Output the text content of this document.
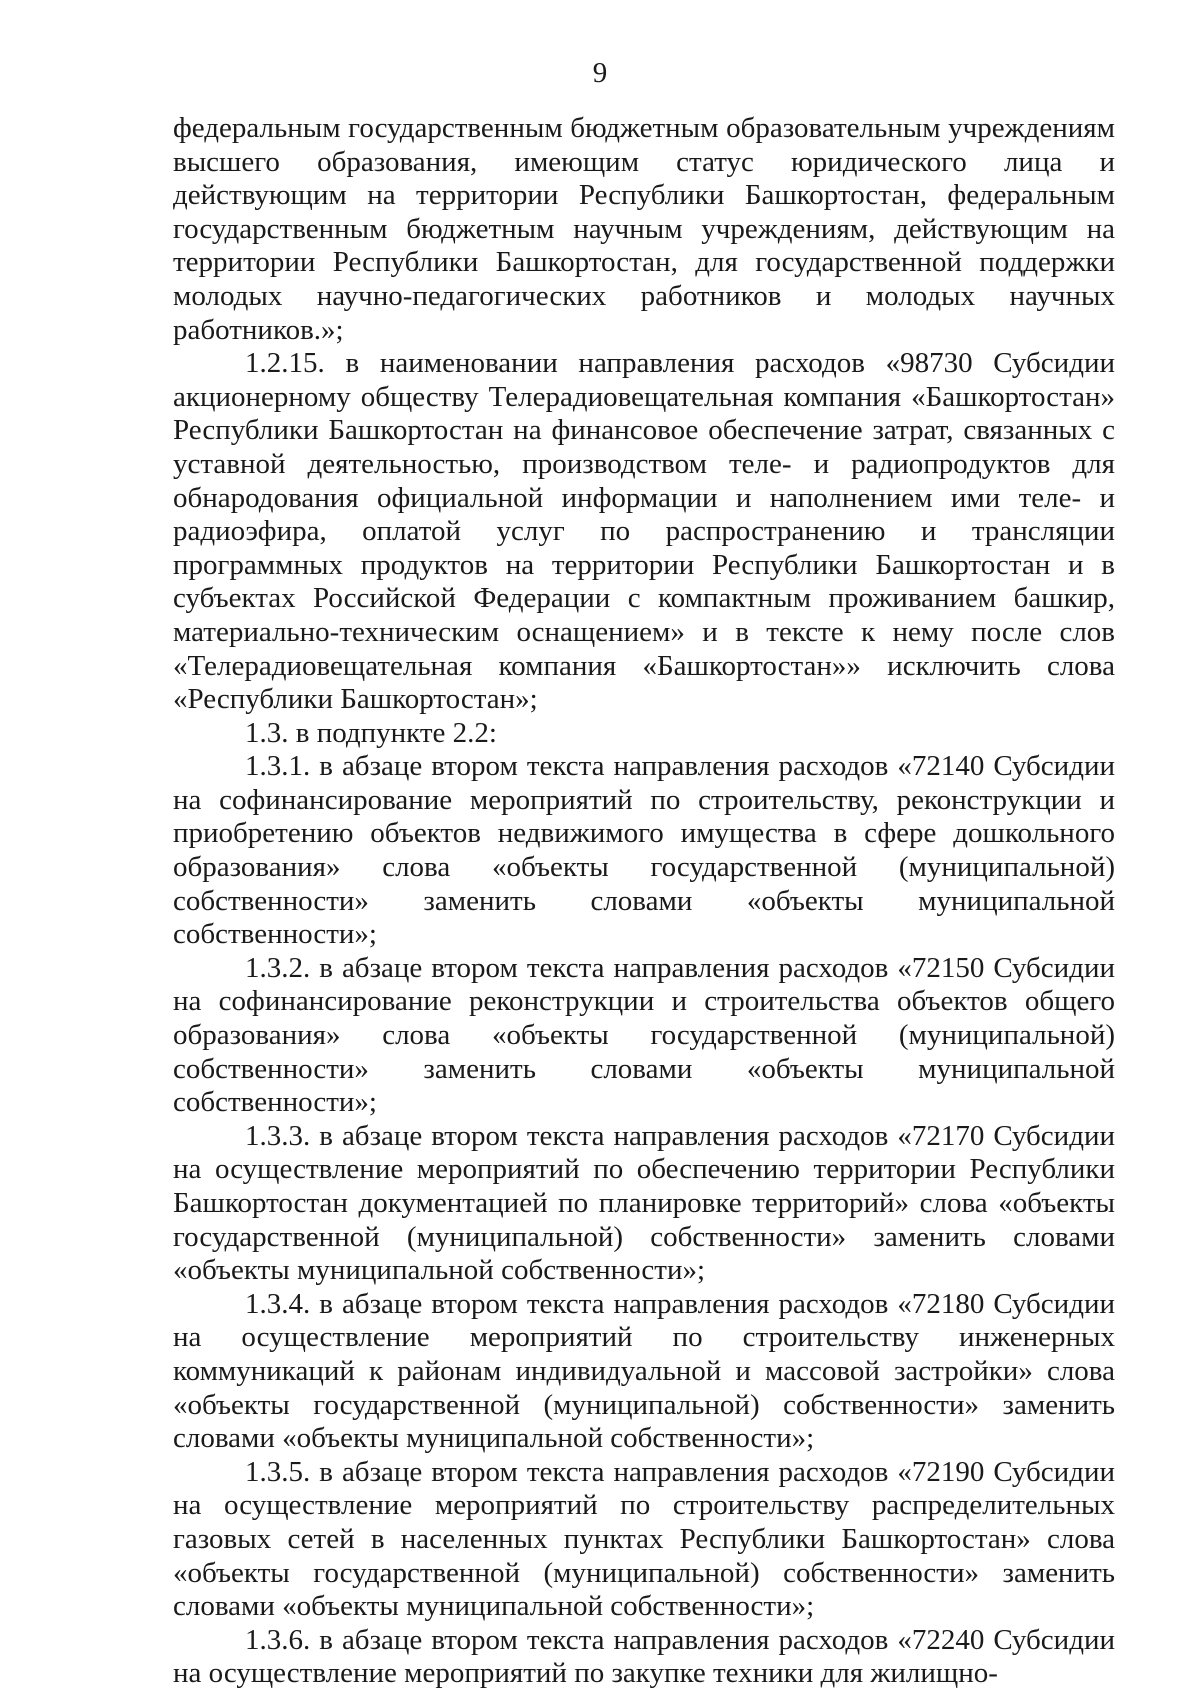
9

федеральным государственным бюджетным образовательным учреждениям высшего образования, имеющим статус юридического лица и действующим на территории Республики Башкортостан, федеральным государственным бюджетным научным учреждениям, действующим на территории Республики Башкортостан, для государственной поддержки молодых научно-педагогических работников и молодых научных работников.»;

1.2.15. в наименовании направления расходов «98730 Субсидии акционерному обществу Телерадиовещательная компания «Башкортостан» Республики Башкортостан на финансовое обеспечение затрат, связанных с уставной деятельностью, производством теле- и радиопродуктов для обнародования официальной информации и наполнением ими теле- и радиоэфира, оплатой услуг по распространению и трансляции программных продуктов на территории Республики Башкортостан и в субъектах Российской Федерации с компактным проживанием башкир, материально-техническим оснащением» и в тексте к нему после слов «Телерадиовещательная компания «Башкортостан»» исключить слова «Республики Башкортостан»;

1.3. в подпункте 2.2:

1.3.1. в абзаце втором текста направления расходов «72140 Субсидии на софинансирование мероприятий по строительству, реконструкции и приобретению объектов недвижимого имущества в сфере дошкольного образования» слова «объекты государственной (муниципальной) собственности» заменить словами «объекты муниципальной собственности»;

1.3.2. в абзаце втором текста направления расходов «72150 Субсидии на софинансирование реконструкции и строительства объектов общего образования» слова «объекты государственной (муниципальной) собственности» заменить словами «объекты муниципальной собственности»;

1.3.3. в абзаце втором текста направления расходов «72170 Субсидии на осуществление мероприятий по обеспечению территории Республики Башкортостан документацией по планировке территорий» слова «объекты государственной (муниципальной) собственности» заменить словами «объекты муниципальной собственности»;

1.3.4. в абзаце втором текста направления расходов «72180 Субсидии на осуществление мероприятий по строительству инженерных коммуникаций к районам индивидуальной и массовой застройки» слова «объекты государственной (муниципальной) собственности» заменить словами «объекты муниципальной собственности»;

1.3.5. в абзаце втором текста направления расходов «72190 Субсидии на осуществление мероприятий по строительству распределительных газовых сетей в населенных пунктах Республики Башкортостан» слова «объекты государственной (муниципальной) собственности» заменить словами «объекты муниципальной собственности»;

1.3.6. в абзаце втором текста направления расходов «72240 Субсидии на осуществление мероприятий по закупке техники для жилищно-
